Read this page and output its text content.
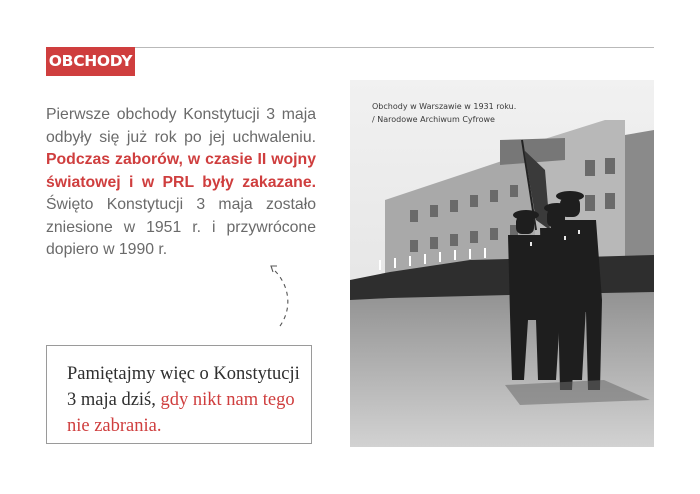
OBCHODY

Pierwsze obchody Konstytucji 3 maja odbyły się już rok po jej uchwaleniu. Podczas zaborów, w czasie II wojny światowej i w PRL były zakazane. Święto Konstytucji 3 maja zostało zniesione w 1951 r. i przywrócone dopiero w 1990 r.

Pamiętajmy więc o Konstytucji 3 maja dziś, gdy nikt nam tego nie zabrania.

Obchody w Warszawie w 1931 roku.
/ Narodowe Archiwum Cyfrowe
